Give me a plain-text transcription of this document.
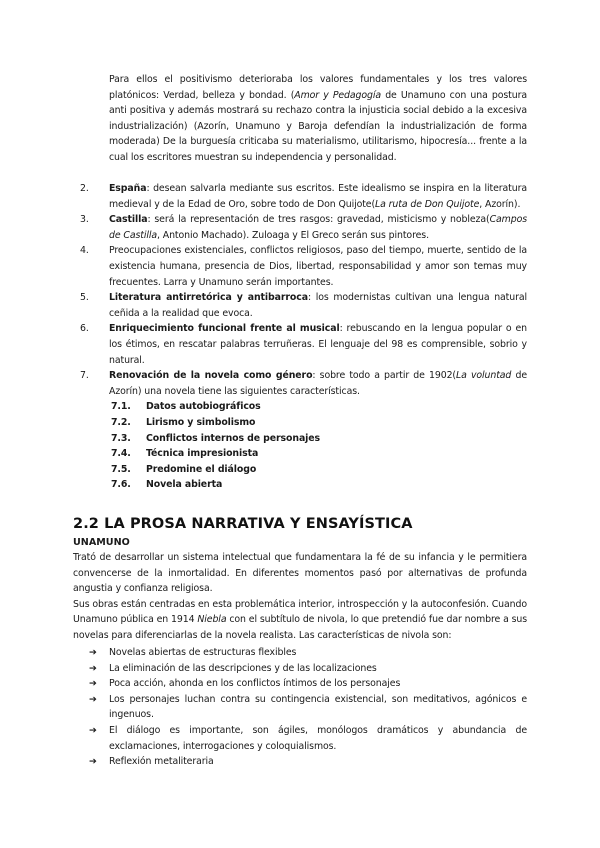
Para ellos el positivismo deterioraba los valores fundamentales y los tres valores platónicos: Verdad, belleza y bondad. (Amor y Pedagogía de Unamuno con una postura anti positiva y además mostrará su rechazo contra la injusticia social debido a la excesiva industrialización) (Azorín, Unamuno y Baroja defendían la industrialización de forma moderada) De la burguesía criticaba su materialismo, utilitarismo, hipocresía... frente a la cual los escritores muestran su independencia y personalidad.
2.	España: desean salvarla mediante sus escritos. Este idealismo se inspira en la literatura medieval y de la Edad de Oro, sobre todo de Don Quijote(La ruta de Don Quijote, Azorín).
3.	Castilla: será la representación de tres rasgos: gravedad, misticismo y nobleza(Campos de Castilla, Antonio Machado). Zuloaga y El Greco serán sus pintores.
4.	Preocupaciones existenciales, conflictos religiosos, paso del tiempo, muerte, sentido de la existencia humana, presencia de Dios, libertad, responsabilidad y amor son temas muy frecuentes. Larra y Unamuno serán importantes.
5.	Literatura antirretórica y antibarroca: los modernistas cultivan una lengua natural ceñida a la realidad que evoca.
6.	Enriquecimiento funcional frente al musical: rebuscando en la lengua popular o en los étimos, en rescatar palabras terruñeras. El lenguaje del 98 es comprensible, sobrio y natural.
7.	Renovación de la novela como género: sobre todo a partir de 1902(La voluntad de Azorín) una novela tiene las siguientes características.
7.1.	Datos autobiográficos
7.2.	Lirismo y simbolismo
7.3.	Conflictos internos de personajes
7.4.	Técnica impresionista
7.5.	Predomine el diálogo
7.6.	Novela abierta
2.2 LA PROSA NARRATIVA Y ENSAYÍSTICA
UNAMUNO
Trató de desarrollar un sistema intelectual que fundamentara la fé de su infancia y le permitiera convencerse de la inmortalidad. En diferentes momentos pasó por alternativas de profunda angustia y confianza religiosa.
Sus obras están centradas en esta problemática interior, introspección y la autoconfesión. Cuando Unamuno pública en 1914 Niebla con el subtítulo de nivola, lo que pretendió fue dar nombre a sus novelas para diferenciarlas de la novela realista. Las características de nivola son:
➔	Novelas abiertas de estructuras flexibles
➔	La eliminación de las descripciones y de las localizaciones
➔	Poca acción, ahonda en los conflictos íntimos de los personajes
➔	Los personajes luchan contra su contingencia existencial, son meditativos, agónicos e ingenuos.
➔	El diálogo es importante, son ágiles, monólogos dramáticos y abundancia de exclamaciones, interrogaciones y coloquialismos.
➔	Reflexión metaliteraria
